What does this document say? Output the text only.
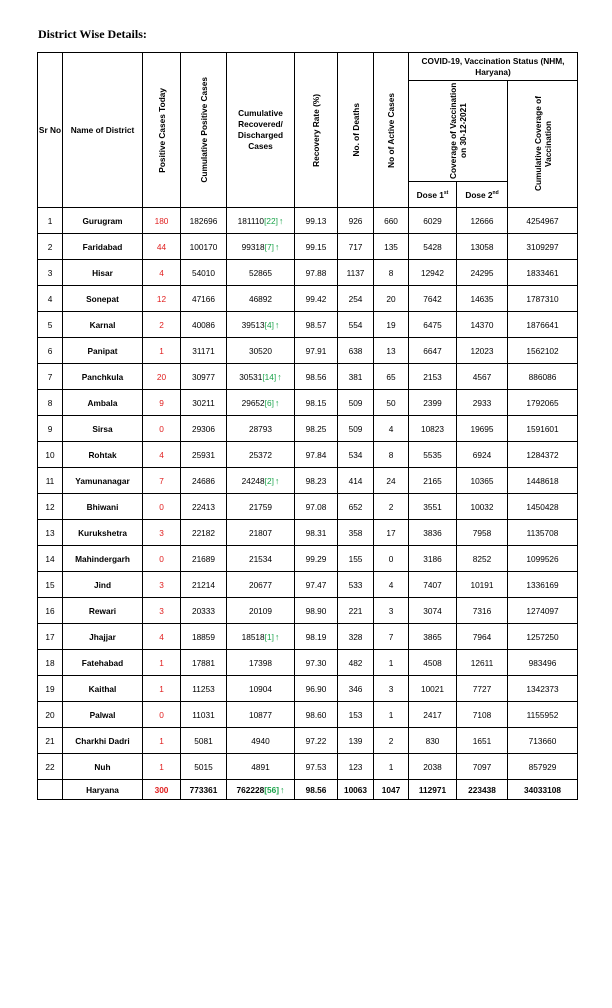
District Wise Details:
Sr No	Name of District	Positive Cases Today	Cumulative Positive Cases	Cumulative Recovered/ Discharged Cases	Recovery Rate (%)	No. of Deaths	No of Active Cases	COVID-19, Vaccination Status (NHM, Haryana)		

								Coverage of Vaccination on 30-12-2021		Cumulative Coverage of Vaccination

								Dose 1st	Dose 2nd
1	Gurugram	180	182696	181110[22]↑	99.13	926	660	6029	12666	4254967
2	Faridabad	44	100170	99318[7]↑	99.15	717	135	5428	13058	3109297
3	Hisar	4	54010	52865	97.88	1137	8	12942	24295	1833461
4	Sonepat	12	47166	46892	99.42	254	20	7642	14635	1787310
5	Karnal	2	40086	39513[4]↑	98.57	554	19	6475	14370	1876641
6	Panipat	1	31171	30520	97.91	638	13	6647	12023	1562102
7	Panchkula	20	30977	30531[14]↑	98.56	381	65	2153	4567	886086
8	Ambala	9	30211	29652[6]↑	98.15	509	50	2399	2933	1792065
9	Sirsa	0	29306	28793	98.25	509	4	10823	19695	1591601
10	Rohtak	4	25931	25372	97.84	534	8	5535	6924	1284372
11	Yamunanagar	7	24686	24248[2]↑	98.23	414	24	2165	10365	1448618
12	Bhiwani	0	22413	21759	97.08	652	2	3551	10032	1450428
13	Kurukshetra	3	22182	21807	98.31	358	17	3836	7958	1135708
14	Mahindergarh	0	21689	21534	99.29	155	0	3186	8252	1099526
15	Jind	3	21214	20677	97.47	533	4	7407	10191	1336169
16	Rewari	3	20333	20109	98.90	221	3	3074	7316	1274097
17	Jhajjar	4	18859	18518[1]↑	98.19	328	7	3865	7964	1257250
18	Fatehabad	1	17881	17398	97.30	482	1	4508	12611	983496
19	Kaithal	1	11253	10904	96.90	346	3	10021	7727	1342373
20	Palwal	0	11031	10877	98.60	153	1	2417	7108	1155952
21	Charkhi Dadri	1	5081	4940	97.22	139	2	830	1651	713660
22	Nuh	1	5015	4891	97.53	123	1	2038	7097	857929
	Haryana	300	773361	762228[56]↑	98.56	10063	1047	112971	223438	34033108
